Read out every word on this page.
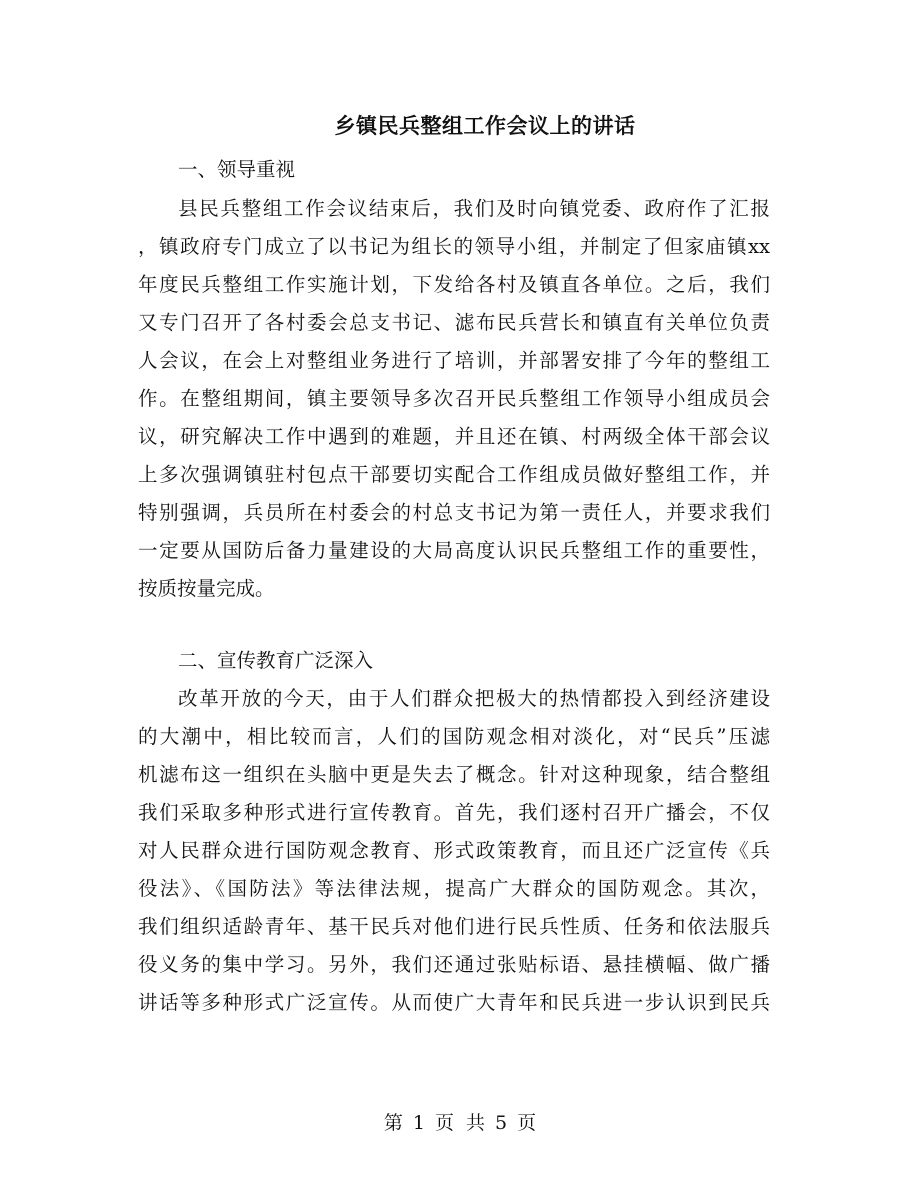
乡镇民兵整组工作会议上的讲话
一、领导重视
县民兵整组工作会议结束后，我们及时向镇党委、政府作了汇报
，镇政府专门成立了以书记为组长的领导小组，并制定了但家庙镇xx
年度民兵整组工作实施计划，下发给各村及镇直各单位。之后，我们
又专门召开了各村委会总支书记、滤布民兵营长和镇直有关单位负责
人会议，在会上对整组业务进行了培训，并部署安排了今年的整组工
作。在整组期间，镇主要领导多次召开民兵整组工作领导小组成员会
议，研究解决工作中遇到的难题，并且还在镇、村两级全体干部会议
上多次强调镇驻村包点干部要切实配合工作组成员做好整组工作，并
特别强调，兵员所在村委会的村总支书记为第一责任人，并要求我们
一定要从国防后备力量建设的大局高度认识民兵整组工作的重要性，
按质按量完成。
二、宣传教育广泛深入
改革开放的今天，由于人们群众把极大的热情都投入到经济建设
的大潮中，相比较而言，人们的国防观念相对淡化，对“民兵”压滤
机滤布这一组织在头脑中更是失去了概念。针对这种现象，结合整组
我们采取多种形式进行宣传教育。首先，我们逐村召开广播会，不仅
对人民群众进行国防观念教育、形式政策教育，而且还广泛宣传《兵
役法》、《国防法》等法律法规，提高广大群众的国防观念。其次，
我们组织适龄青年、基干民兵对他们进行民兵性质、任务和依法服兵
役义务的集中学习。另外，我们还通过张贴标语、悬挂横幅、做广播
讲话等多种形式广泛宣传。从而使广大青年和民兵进一步认识到民兵
第 1 页 共 5 页
